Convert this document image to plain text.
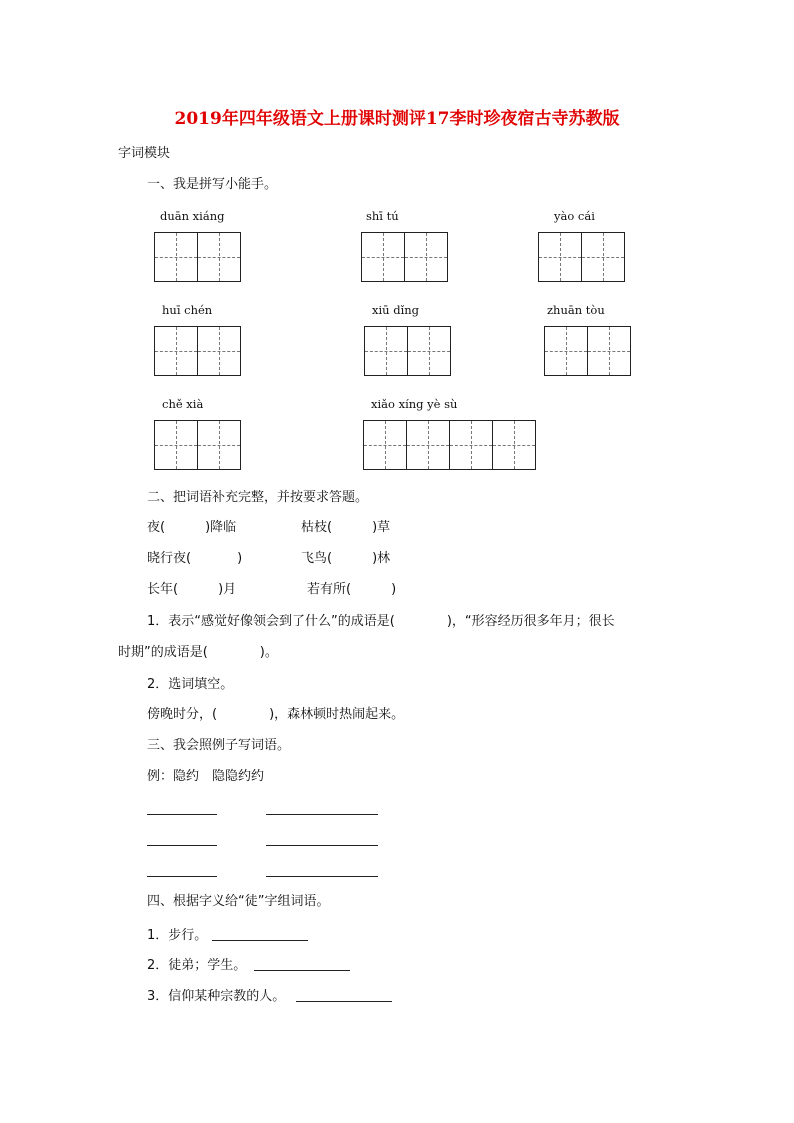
2019年四年级语文上册课时测评17李时珍夜宿古寺苏教版
字词模块
一、我是拼写小能手。
duān xiáng	shī tú	yào cái
huī chén	xiū dǐng	zhuān tòu
chě xià	xiǎo xíng yè sù
二、把词语补充完整，并按要求答题。
夜(	)降临	枯枝(	)草
晓行夜(	)	飞鸟(	)林
长年(	)月	若有所(	)
1．表示“感觉好像领会到了什么”的成语是(　　　　)，“形容经历很多年月；很长
时期”的成语是(　　　　)。
2．选词填空。
傍晚时分，(　　　　)，森林顿时热闹起来。
三、我会照例子写词语。
例：隐约　隐隐约约
四、根据字义给“徒”字组词语。
1．步行。
2．徒弟；学生。
3．信仰某种宗教的人。
